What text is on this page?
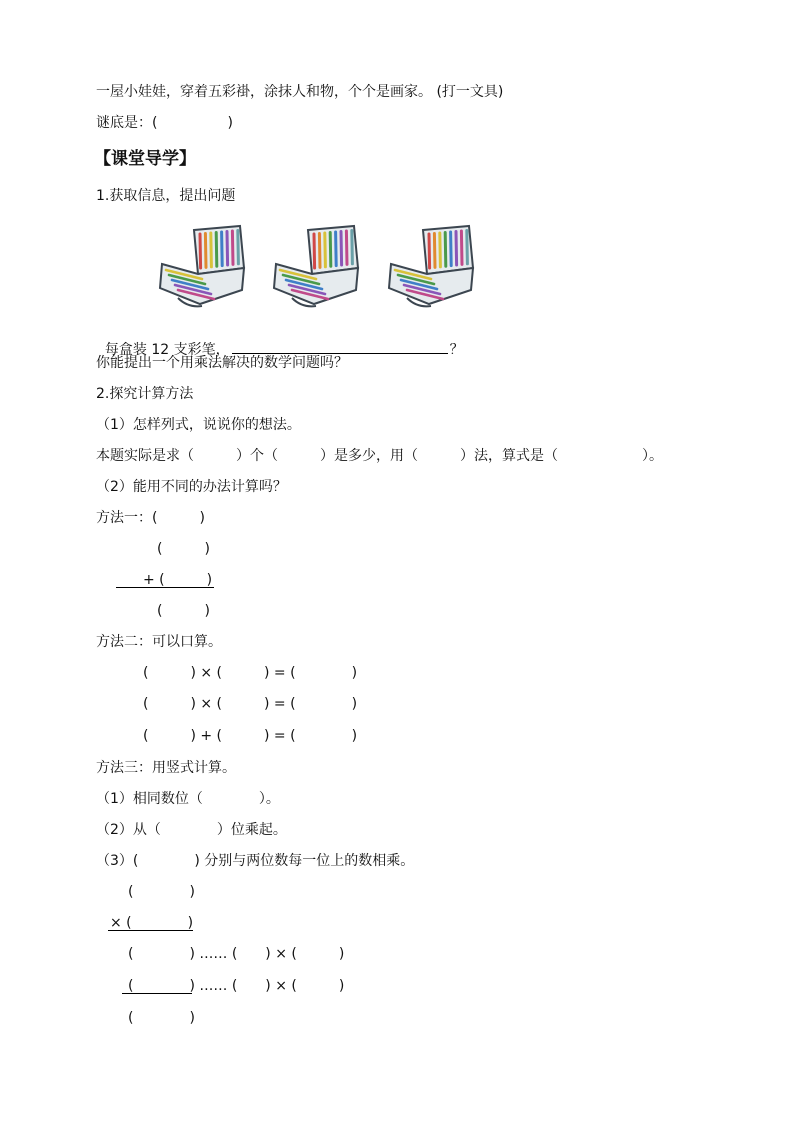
一屋小娃娃，穿着五彩褂，涂抹人和物，个个是画家。 (打一文具)
谜底是：(　　　　　)
【课堂导学】
1.获取信息，提出问题

每盒装 12 支彩笔，	？

你能提出一个用乘法解决的数学问题吗？
2.探究计算方法
（1）怎样列式，说说你的想法。
本题实际是求（　　　）个（　　　）是多少，用（　　　）法，算式是（　　　　　　）。
（2）能用不同的办法计算吗？
方法一：(　　　)
(　　　)
+ (　　　)
(　　　)
方法二：可以口算。
(　　　) × (　　　) = (　　　　)
(　　　) × (　　　) = (　　　　)
(　　　) + (　　　) = (　　　　)
方法三：用竖式计算。
（1）相同数位（　　　　）。
（2）从（　　　　）位乘起。
（3）(　　　　) 分别与两位数每一位上的数相乘。
(　　　　)
× (　　　　)
(　　　　) …… (　　) × (　　　)
(　　　　) …… (　　) × (　　　)
(　　　　)
